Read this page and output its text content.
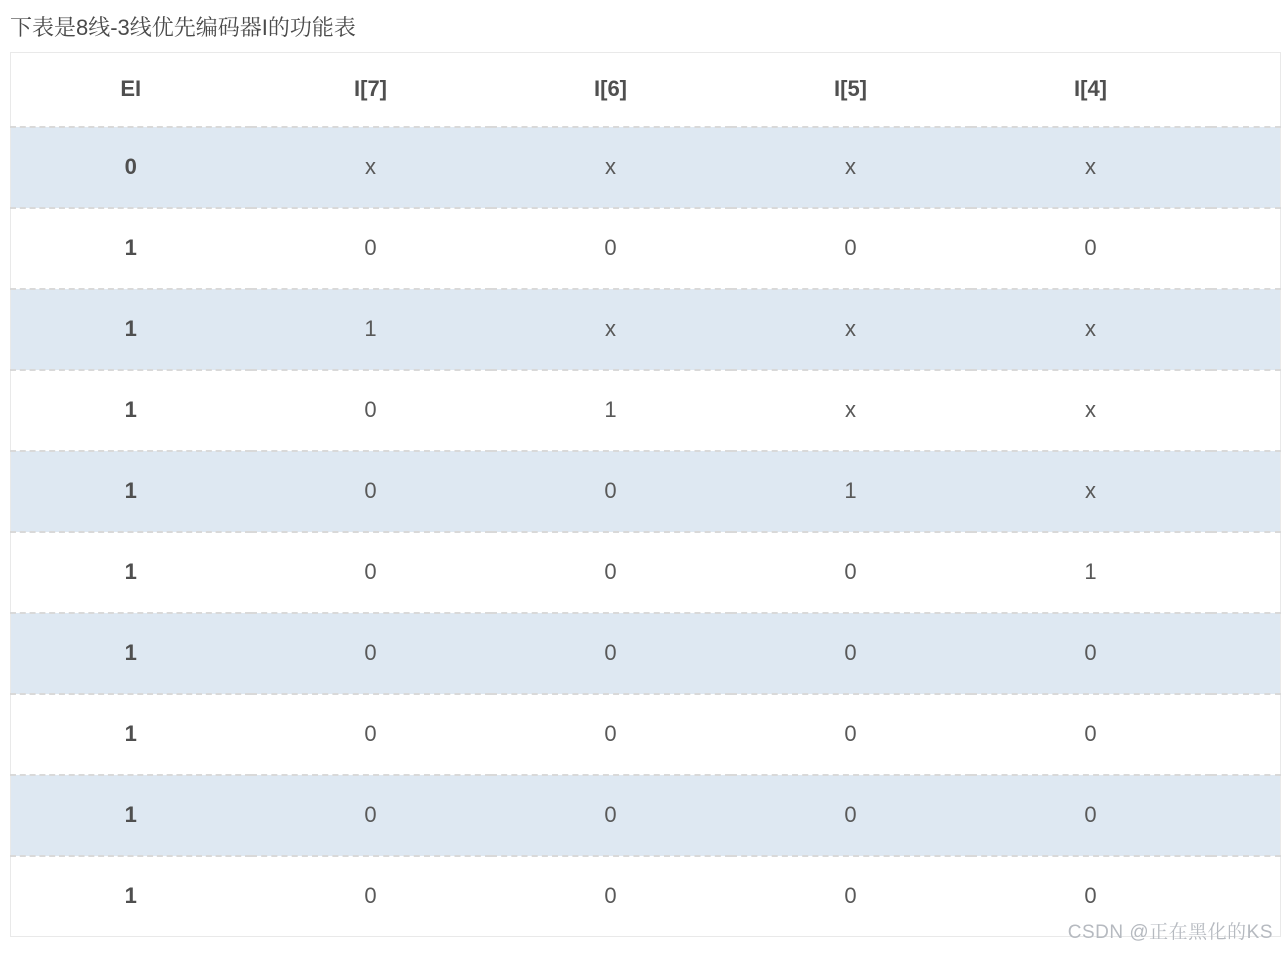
下表是8线-3线优先编码器I的功能表
EI	I[7]	I[6]	I[5]	I[4]	
0	x	x	x	x	
1	0	0	0	0	
1	1	x	x	x	
1	0	1	x	x	
1	0	0	1	x	
1	0	0	0	1	
1	0	0	0	0	
1	0	0	0	0	
1	0	0	0	0	
1	0	0	0	0	
CSDN @正在黑化的KS
